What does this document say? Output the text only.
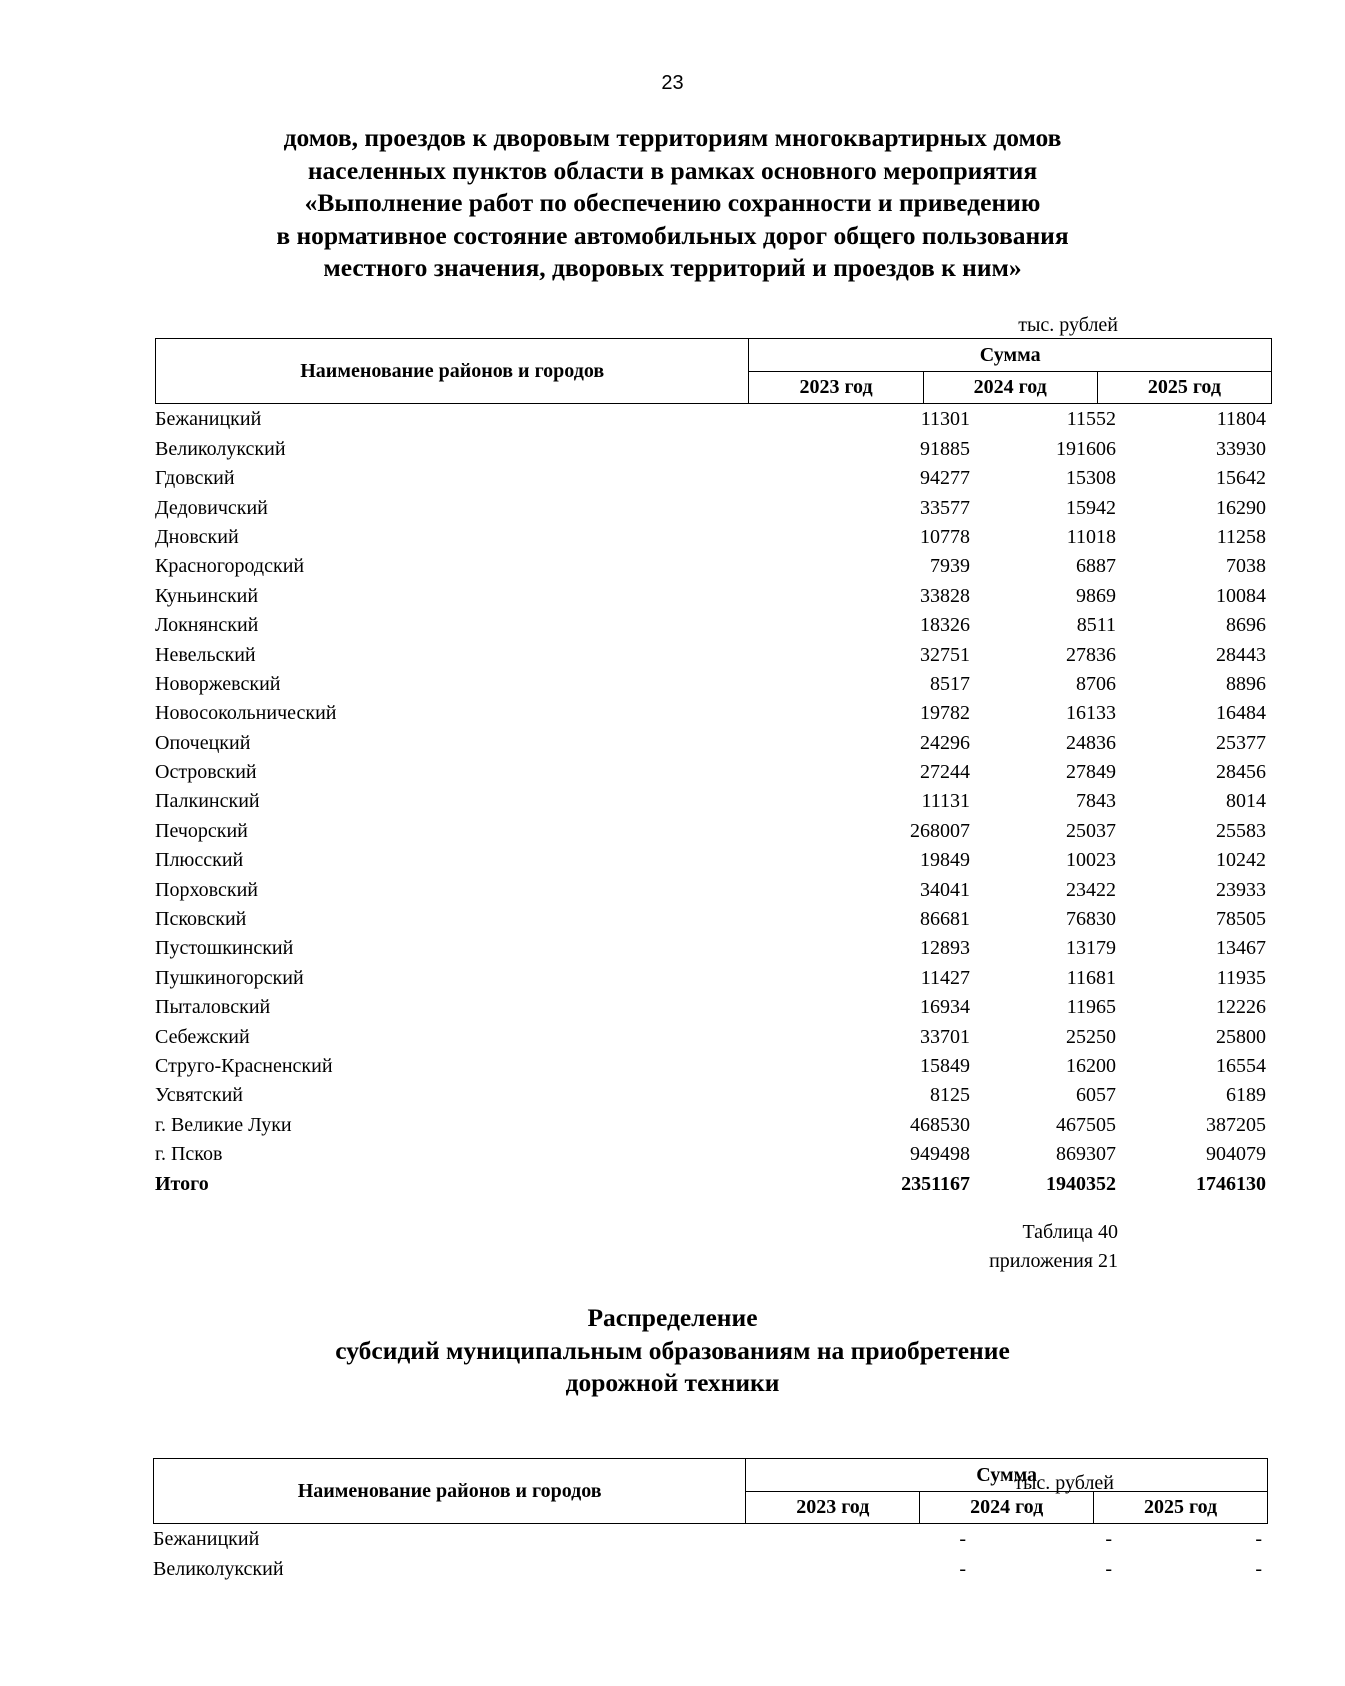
23
домов, проездов к дворовым территориям многоквартирных домов
населенных пунктов области в рамках основного мероприятия
«Выполнение работ по обеспечению сохранности и приведению
в нормативное состояние автомобильных дорог общего пользования
местного значения, дворовых территорий и проездов к ним»
тыс. рублей
Наименование районов и городов	Сумма		
	2023 год	2024 год	2025 год
Бежаницкий	11301	11552	11804
Великолукский	91885	191606	33930
Гдовский	94277	15308	15642
Дедовичский	33577	15942	16290
Дновский	10778	11018	11258
Красногородский	7939	6887	7038
Куньинский	33828	9869	10084
Локнянский	18326	8511	8696
Невельский	32751	27836	28443
Новоржевский	8517	8706	8896
Новосокольнический	19782	16133	16484
Опочецкий	24296	24836	25377
Островский	27244	27849	28456
Палкинский	11131	7843	8014
Печорский	268007	25037	25583
Плюсский	19849	10023	10242
Порховский	34041	23422	23933
Псковский	86681	76830	78505
Пустошкинский	12893	13179	13467
Пушкиногорский	11427	11681	11935
Пыталовский	16934	11965	12226
Себежский	33701	25250	25800
Струго-Красненский	15849	16200	16554
Усвятский	8125	6057	6189
г. Великие Луки	468530	467505	387205
г. Псков	949498	869307	904079
Итого	2351167	1940352	1746130
Таблица 40
приложения 21
Распределение
субсидий муниципальным образованиям на приобретение
дорожной техники
тыс. рублей
Наименование районов и городов	Сумма		
	2023 год	2024 год	2025 год
Бежаницкий	-	-	-
Великолукский	-	-	-
